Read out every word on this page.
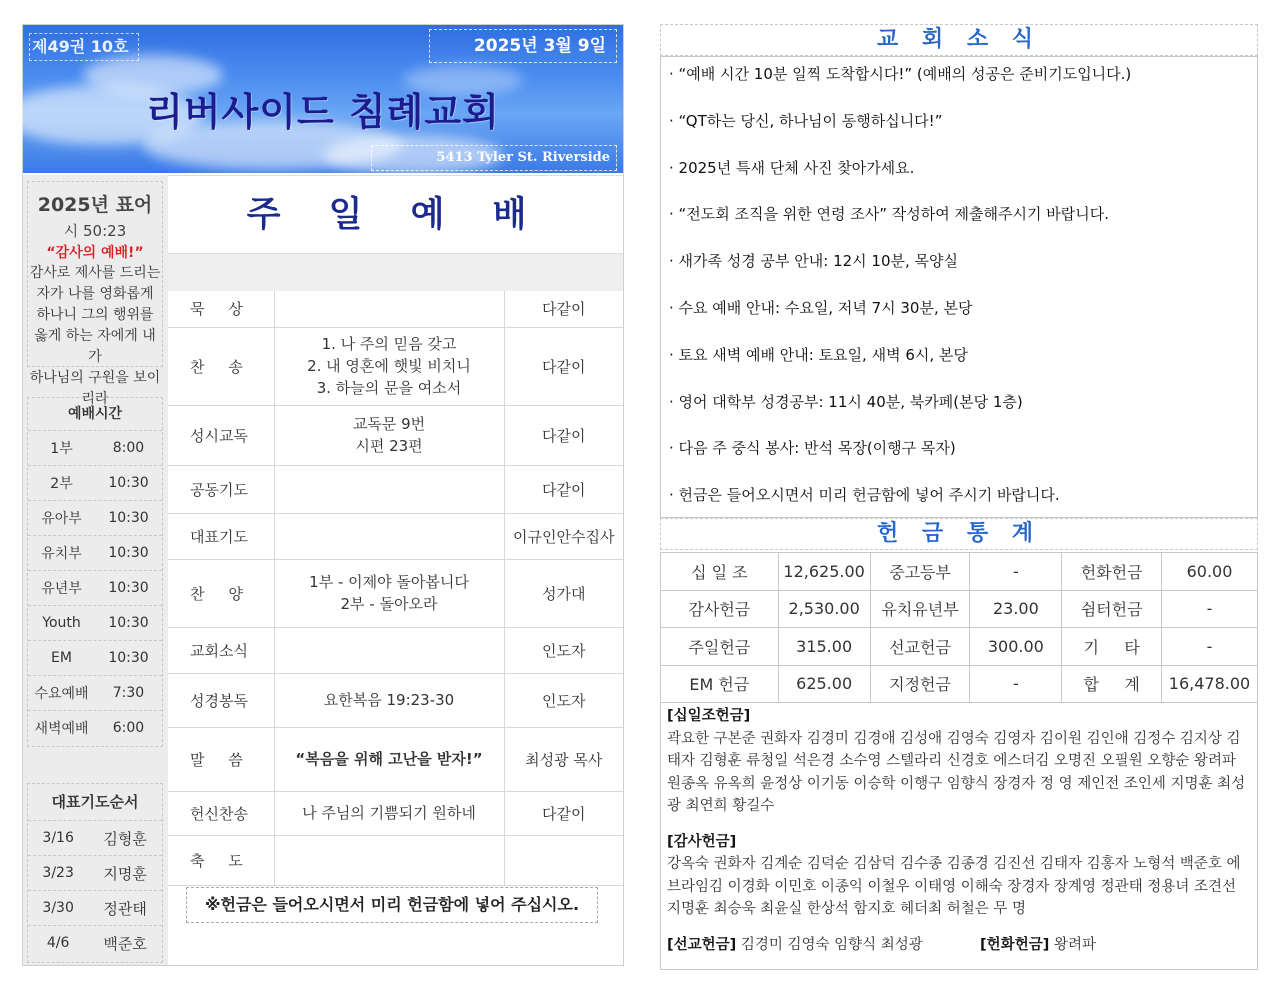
제49권 10호	2025년 3월 9일
리버사이드 침례교회
5413 Tyler St. Riverside CA.92503
2025년 표어
시 50:23
“감사의 예배!”
감사로 제사를 드리는
자가 나를 영화롭게
하나니 그의 행위를
옳게 하는 자에게 내가
하나님의 구원을 보이리라
예배시간
1부	8:00
2부	10:30
유아부	10:30
유치부	10:30
유년부	10:30
Youth	10:30
EM	10:30
수요예배	7:30
새벽예배	6:00
대표기도순서
3/16	김형훈
3/23	지명훈
3/30	정관태
4/6	백준호
주 일 예 배
묵     상		다같이
찬     송	1. 나 주의 믿음 갖고
2. 내 영혼에 햇빛 비치니
3. 하늘의 문을 여소서	다같이
성시교독	교독문 9번
시편 23편	다같이
공동기도		다같이
대표기도		이규인안수집사
찬     양	1부 - 이제야 돌아봅니다
2부 - 돌아오라	성가대
교회소식		인도자
성경봉독	요한복음 19:23-30	인도자
말     씀	“복음을 위해 고난을 받자!”	최성광 목사
헌신찬송	나 주님의 기쁨되기 원하네	다같이
축     도		
※헌금은 들어오시면서 미리 헌금함에 넣어 주십시오.
교 회 소 식
· “예배 시간 10분 일찍 도착합시다!” (예배의 성공은 준비기도입니다.)
· “QT하는 당신, 하나님이 동행하십니다!”
· 2025년 특새 단체 사진 찾아가세요.
· “전도회 조직을 위한 연령 조사” 작성하여 제출해주시기 바랍니다.
· 새가족 성경 공부 안내: 12시 10분, 목양실
· 수요 예배 안내: 수요일, 저녁 7시 30분, 본당
· 토요 새벽 예배 안내: 토요일, 새벽 6시, 본당
· 영어 대학부 성경공부: 11시 40분, 북카페(본당 1층)
· 다음 주 중식 봉사: 반석 목장(이행구 목자)
· 헌금은 들어오시면서 미리 헌금함에 넣어 주시기 바랍니다.
헌 금 통 계
십 일 조	12,625.00	중고등부	-	헌화헌금	60.00
감사헌금	2,530.00	유치유년부	23.00	쉼터헌금	-
주일헌금	315.00	선교헌금	300.00	기     타	-
EM 헌금	625.00	지정헌금	-	합     계	16,478.00
[십일조헌금]
곽요한 구본준 권화자 김경미 김경애 김성애 김영숙 김영자 김이원 김인애 김정수 김지상 김태자 김형훈 류청일 석은경 소수영 스텔라리 신경호 에스더김 오명진 오필원 오향순 왕려파 원종옥 유옥희 윤정상 이기동 이승학 이행구 임향식 장경자 정 영 제인전 조인세 지명훈 최성광 최연희 황길수
[감사헌금]
강옥숙 권화자 김계순 김덕순 김삼덕 김수종 김종경 김진선 김태자 김홍자 노형석 백준호 에브라임김 이경화 이민호 이종익 이철우 이태영 이해숙 장경자 장계영 정관태 정용녀 조견선 지명훈 최승욱 최윤실 한상석 함지호 헤더최 허철은 무 명
[선교헌금] 김경미 김영숙 임향식 최성광	[헌화헌금] 왕려파
